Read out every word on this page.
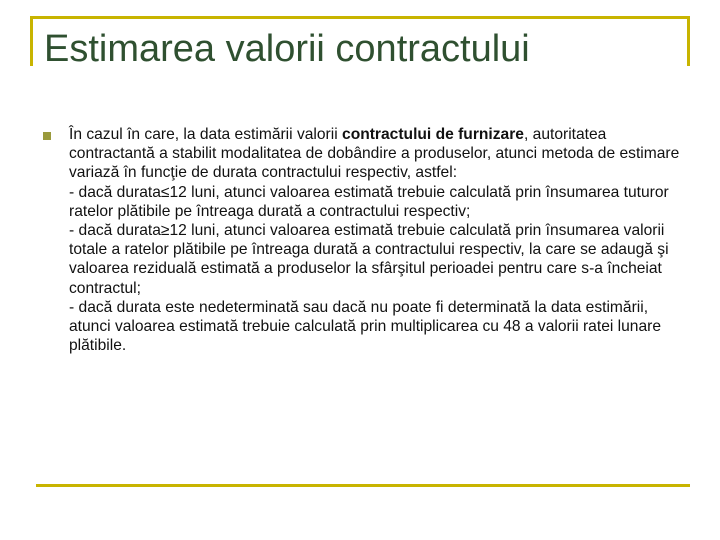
Estimarea valorii contractului

În cazul în care, la data estimării valorii contractului de furnizare, autoritatea contractantă a stabilit modalitatea de dobândire a produselor, atunci metoda de estimare variază în funcţie de durata contractului respectiv, astfel:

- dacă durata≤12 luni, atunci valoarea estimată trebuie calculată prin însumarea tuturor ratelor plătibile pe întreaga durată a contractului respectiv;

- dacă durata≥12 luni, atunci valoarea estimată trebuie calculată prin însumarea valorii totale a ratelor plătibile pe întreaga durată a contractului respectiv, la care se adaugă şi valoarea reziduală estimată a produselor la sfârşitul perioadei pentru care s-a încheiat contractul;

- dacă durata este nedeterminată sau dacă nu poate fi determinată la data estimării, atunci valoarea estimată trebuie calculată prin multiplicarea cu 48 a valorii ratei lunare plătibile.
